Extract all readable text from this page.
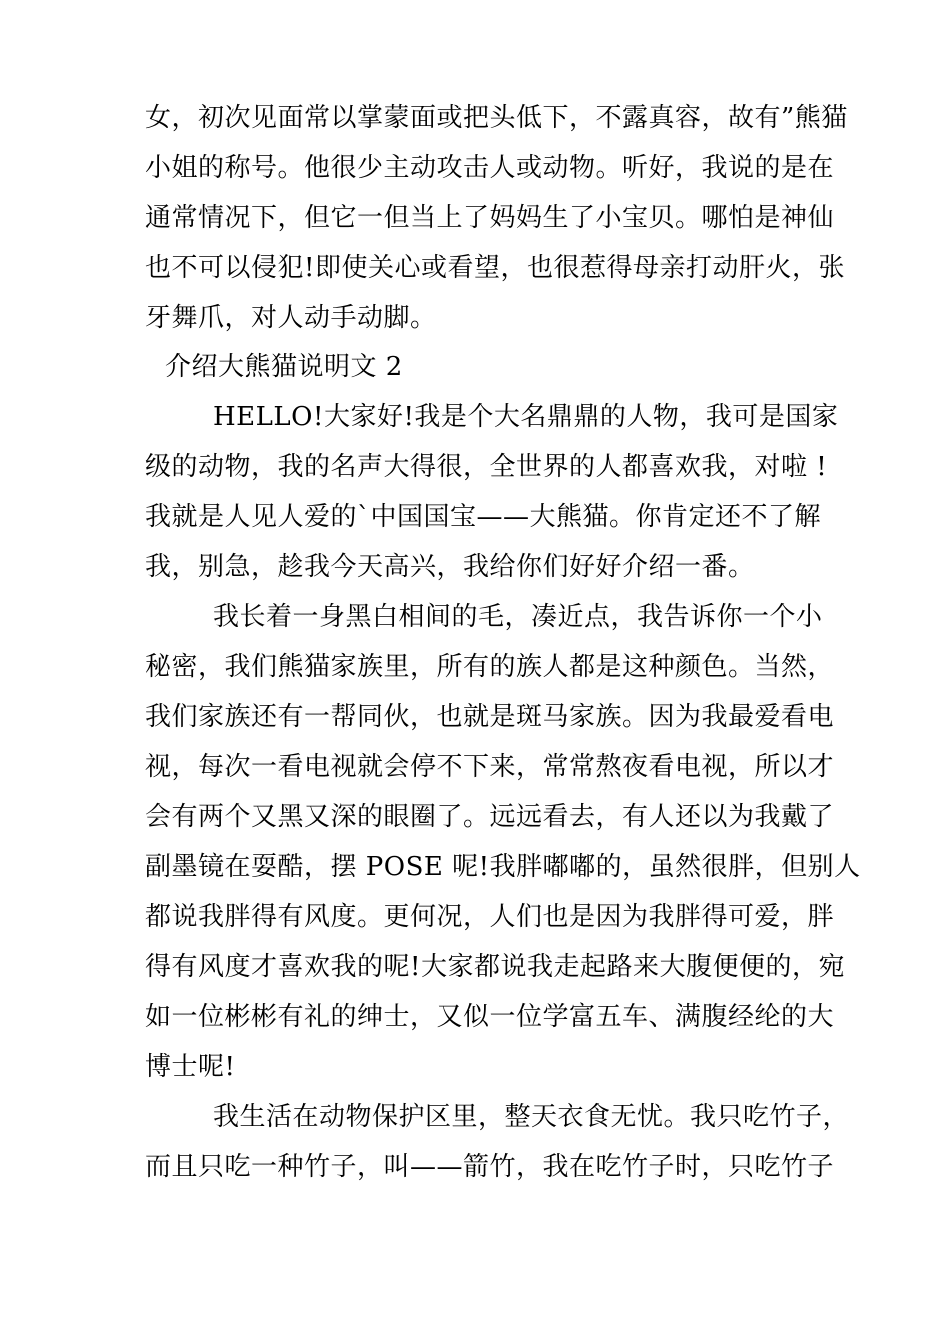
女，初次见面常以掌蒙面或把头低下，不露真容，故有”熊猫
小姐的称号。他很少主动攻击人或动物。听好，我说的是在
通常情况下，但它一但当上了妈妈生了小宝贝。哪怕是神仙
也不可以侵犯!即使关心或看望，也很惹得母亲打动肝火，张
牙舞爪，对人动手动脚。
介绍大熊猫说明文 2
HELLO!大家好!我是个大名鼎鼎的人物，我可是国家
级的动物，我的名声大得很，全世界的人都喜欢我，对啦 !
我就是人见人爱的`中国国宝——大熊猫。你肯定还不了解
我，别急，趁我今天高兴，我给你们好好介绍一番。
我长着一身黑白相间的毛，凑近点，我告诉你一个小
秘密，我们熊猫家族里，所有的族人都是这种颜色。当然，
我们家族还有一帮同伙，也就是斑马家族。因为我最爱看电
视，每次一看电视就会停不下来，常常熬夜看电视，所以才
会有两个又黑又深的眼圈了。远远看去，有人还以为我戴了
副墨镜在耍酷，摆 POSE 呢!我胖嘟嘟的，虽然很胖，但别人
都说我胖得有风度。更何况，人们也是因为我胖得可爱，胖
得有风度才喜欢我的呢!大家都说我走起路来大腹便便的，宛
如一位彬彬有礼的绅士，又似一位学富五车、满腹经纶的大
博士呢!
我生活在动物保护区里，整天衣食无忧。我只吃竹子，
而且只吃一种竹子，叫——箭竹，我在吃竹子时，只吃竹子
